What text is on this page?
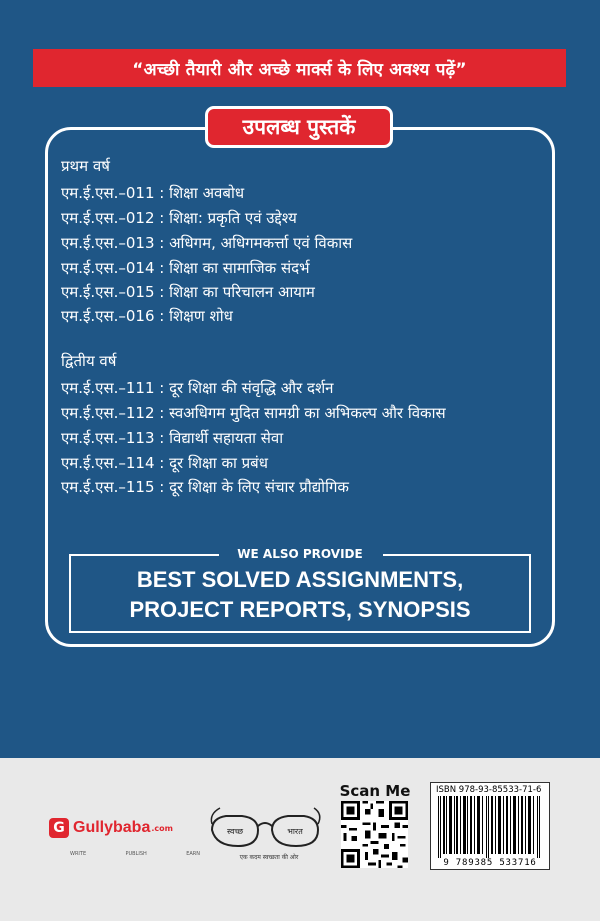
“अच्छी तैयारी और अच्छे मार्क्स के लिए अवश्य पढ़ें”
उपलब्ध पुस्तकें
प्रथम वर्ष
एम.ई.एस.–011 : शिक्षा अवबोध
एम.ई.एस.–012 : शिक्षा: प्रकृति एवं उद्देश्य
एम.ई.एस.–013 : अधिगम, अधिगमकर्त्ता एवं विकास
एम.ई.एस.–014 : शिक्षा का सामाजिक संदर्भ
एम.ई.एस.–015 : शिक्षा का परिचालन आयाम
एम.ई.एस.–016 : शिक्षण शोध
द्वितीय वर्ष
एम.ई.एस.–111 : दूर शिक्षा की संवृद्धि और दर्शन
एम.ई.एस.–112 : स्वअधिगम मुदित सामग्री का अभिकल्प और विकास
एम.ई.एस.–113 : विद्यार्थी सहायता सेवा
एम.ई.एस.–114 : दूर शिक्षा का प्रबंध
एम.ई.एस.–115 : दूर शिक्षा के लिए संचार प्रौद्योगिक
WE ALSO PROVIDE
BEST SOLVED ASSIGNMENTS,
PROJECT REPORTS, SYNOPSIS
G Gullybaba .com
WRITE	PUBLISH	EARN
स्वच्छ	भारत
एक कदम स्वच्छता की ओर
Scan Me	ISBN 978-93-85533-71-6
9 789385 533716
